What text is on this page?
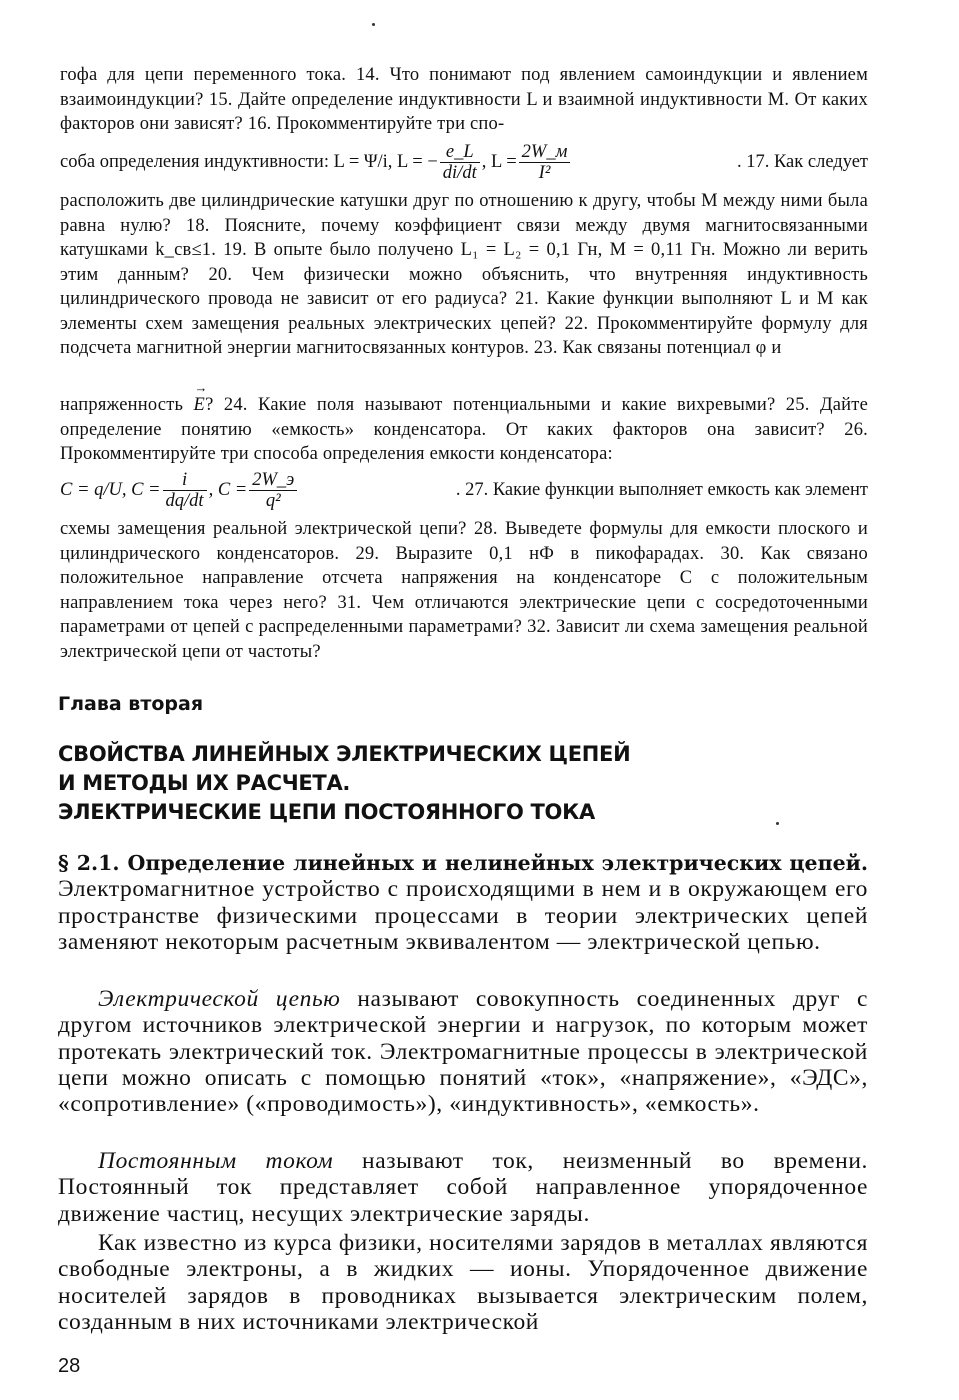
гофа для цепи переменного тока. 14. Что понимают под явлением самоиндукции и явлением взаимоиндукции? 15. Дайте определение индуктивности L и взаимной индуктивности M. От каких факторов они зависят? 16. Прокомментируйте три спо-
соба определения индуктивности: L = Ψ/i, L = − $\frac{e\_L}{di/dt}$ , $L = \frac{2W\_м}{\text{I²}}$	. 17. Как следует
расположить две цилиндрические катушки друг по отношению к другу, чтобы M между ними была равна нулю? 18. Поясните, почему коэффициент связи между двумя магнитосвязанными катушками k_св≤1. 19. В опыте было получено L₁ = L₂ = 0,1 Гн, M = 0,11 Гн. Можно ли верить этим данным? 20. Чем физически можно объяснить, что внутренняя индуктивность цилиндрического провода не зависит от его радиуса? 21. Какие функции выполняют L и M как элементы схем замещения реальных электрических цепей? 22. Прокомментируйте формулу для подсчета магнитной энергии магнитосвязанных контуров. 23. Как связаны потенциал φ и
напряженность → E? 24. Какие поля называют потенциальными и какие вихревыми? 25. Дайте определение понятию «емкость» конденсатора. От каких факторов она зависит? 26. Прокомментируйте три способа определения емкости конденсатора:
C = q/U, $C = \frac{i}{dq/dt}$ , $C = \frac{2W\_э}{\text{q²}}$	. 27. Какие функции выполняет емкость как элемент
схемы замещения реальной электрической цепи? 28. Выведете формулы для емкости плоского и цилиндрического конденсаторов. 29. Выразите 0,1 нФ в пикофарадах. 30. Как связано положительное направление отсчета напряжения на конденсаторе C с положительным направлением тока через него? 31. Чем отличаются электрические цепи с сосредоточенными параметрами от цепей с распределенными параметрами? 32. Зависит ли схема замещения реальной электрической цепи от частоты?
Глава вторая
СВОЙСТВА ЛИНЕЙНЫХ ЭЛЕКТРИЧЕСКИХ ЦЕПЕЙ
И МЕТОДЫ ИХ РАСЧЕТА.
ЭЛЕКТРИЧЕСКИЕ ЦЕПИ ПОСТОЯННОГО ТОКА
§ 2.1. Определение линейных и нелинейных электрических цепей. Электромагнитное устройство с происходящими в нем и в окружающем его пространстве физическими процессами в теории электрических цепей заменяют некоторым расчетным эквивалентом — электрической цепью.
Электрической цепью называют совокупность соединенных друг с другом источников электрической энергии и нагрузок, по которым может протекать электрический ток. Электромагнитные процессы в электрической цепи можно описать с помощью понятий «ток», «напряжение», «ЭДС», «сопротивление» («проводимость»), «индуктивность», «емкость».
Постоянным током называют ток, неизменный во времени. Постоянный ток представляет собой направленное упорядоченное движение частиц, несущих электрические заряды.
Как известно из курса физики, носителями зарядов в металлах являются свободные электроны, а в жидких — ионы. Упорядоченное движение носителей зарядов в проводниках вызывается электрическим полем, созданным в них источниками электрической
28
